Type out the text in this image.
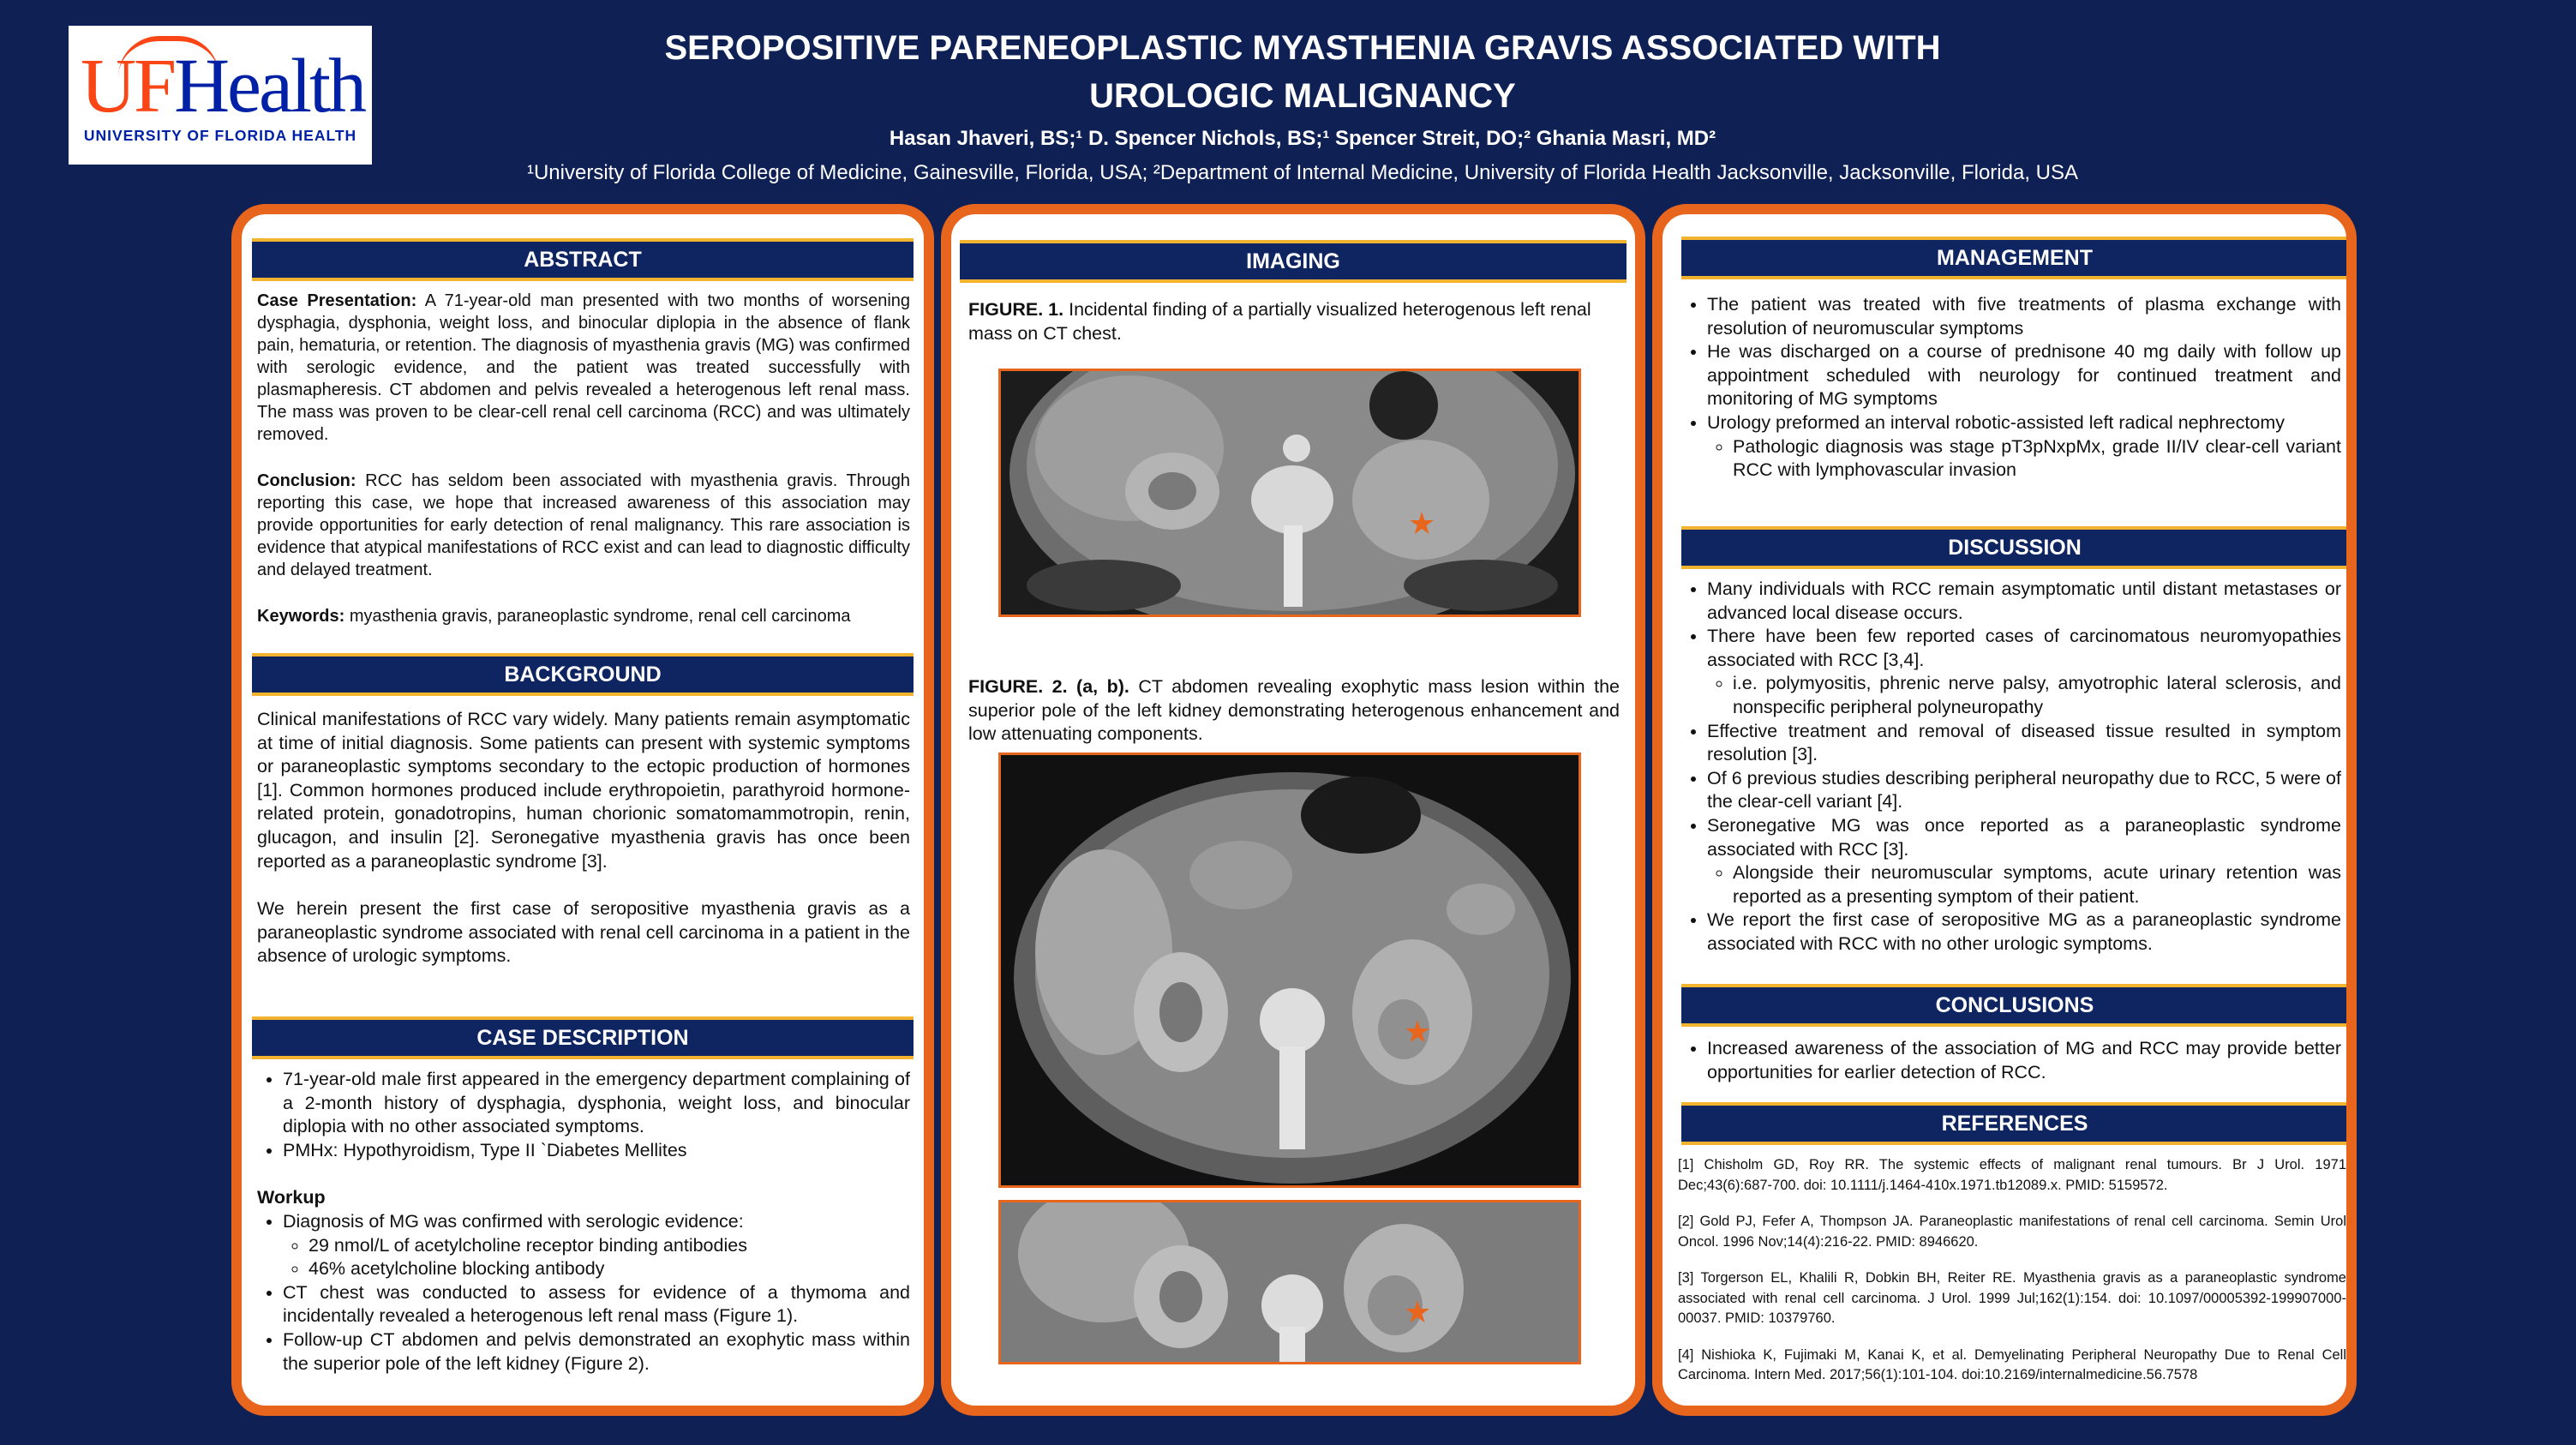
UFHealth
UNIVERSITY OF FLORIDA HEALTH
SEROPOSITIVE PARENEOPLASTIC MYASTHENIA GRAVIS ASSOCIATED WITH
UROLOGIC MALIGNANCY
Hasan Jhaveri, BS;¹ D. Spencer Nichols, BS;¹ Spencer Streit, DO;² Ghania Masri, MD²
¹University of Florida College of Medicine, Gainesville, Florida, USA; ²Department of Internal Medicine, University of Florida Health Jacksonville, Jacksonville, Florida, USA
ABSTRACT

Case Presentation: A 71-year-old man presented with two months of worsening dysphagia, dysphonia, weight loss, and binocular diplopia in the absence of flank pain, hematuria, or retention. The diagnosis of myasthenia gravis (MG) was confirmed with serologic evidence, and the patient was treated successfully with plasmapheresis. CT abdomen and pelvis revealed a heterogenous left renal mass. The mass was proven to be clear-cell renal cell carcinoma (RCC) and was ultimately removed.

Conclusion: RCC has seldom been associated with myasthenia gravis. Through reporting this case, we hope that increased awareness of this association may provide opportunities for early detection of renal malignancy. This rare association is evidence that atypical manifestations of RCC exist and can lead to diagnostic difficulty and delayed treatment.

Keywords: myasthenia gravis, paraneoplastic syndrome, renal cell carcinoma

BACKGROUND

Clinical manifestations of RCC vary widely. Many patients remain asymptomatic at time of initial diagnosis. Some patients can present with systemic symptoms or paraneoplastic symptoms secondary to the ectopic production of hormones [1]. Common hormones produced include erythropoietin, parathyroid hormone-related protein, gonadotropins, human chorionic somatomammotropin, renin, glucagon, and insulin [2]. Seronegative myasthenia gravis has once been reported as a paraneoplastic syndrome [3].

We herein present the first case of seropositive myasthenia gravis as a paraneoplastic syndrome associated with renal cell carcinoma in a patient in the absence of urologic symptoms.

CASE DESCRIPTION
• 71-year-old male first appeared in the emergency department complaining of a 2-month history of dysphagia, dysphonia, weight loss, and binocular diplopia with no other associated symptoms.
• PMHx: Hypothyroidism, Type II `Diabetes Mellites
Workup
• Diagnosis of MG was confirmed with serologic evidence:
◦ 29 nmol/L of acetylcholine receptor binding antibodies
◦ 46% acetylcholine blocking antibody
• CT chest was conducted to assess for evidence of a thymoma and incidentally revealed a heterogenous left renal mass (Figure 1).
• Follow-up CT abdomen and pelvis demonstrated an exophytic mass within the superior pole of the left kidney (Figure 2).
IMAGING
FIGURE. 1. Incidental finding of a partially visualized heterogenous left renal mass on CT chest.
★
FIGURE. 2. (a, b). CT abdomen revealing exophytic mass lesion within the superior pole of the left kidney demonstrating heterogenous enhancement and low attenuating components.
★
★
MANAGEMENT
• The patient was treated with five treatments of plasma exchange with resolution of neuromuscular symptoms
• He was discharged on a course of prednisone 40 mg daily with follow up appointment scheduled with neurology for continued treatment and monitoring of MG symptoms
• Urology preformed an interval robotic-assisted left radical nephrectomy
◦ Pathologic diagnosis was stage pT3pNxpMx, grade II/IV clear-cell variant RCC with lymphovascular invasion
DISCUSSION
• Many individuals with RCC remain asymptomatic until distant metastases or advanced local disease occurs.
• There have been few reported cases of carcinomatous neuromyopathies associated with RCC [3,4].
◦ i.e. polymyositis, phrenic nerve palsy, amyotrophic lateral sclerosis, and nonspecific peripheral polyneuropathy
• Effective treatment and removal of diseased tissue resulted in symptom resolution [3].
• Of 6 previous studies describing peripheral neuropathy due to RCC, 5 were of the clear-cell variant [4].
• Seronegative MG was once reported as a paraneoplastic syndrome associated with RCC [3].
◦ Alongside their neuromuscular symptoms, acute urinary retention was reported as a presenting symptom of their patient.
• We report the first case of seropositive MG as a paraneoplastic syndrome associated with RCC with no other urologic symptoms.
CONCLUSIONS
• Increased awareness of the association of MG and RCC may provide better opportunities for earlier detection of RCC.
REFERENCES

[1] Chisholm GD, Roy RR. The systemic effects of malignant renal tumours. Br J Urol. 1971 Dec;43(6):687-700. doi: 10.1111/j.1464-410x.1971.tb12089.x. PMID: 5159572.

[2] Gold PJ, Fefer A, Thompson JA. Paraneoplastic manifestations of renal cell carcinoma. Semin Urol Oncol. 1996 Nov;14(4):216-22. PMID: 8946620.

[3] Torgerson EL, Khalili R, Dobkin BH, Reiter RE. Myasthenia gravis as a paraneoplastic syndrome associated with renal cell carcinoma. J Urol. 1999 Jul;162(1):154. doi: 10.1097/00005392-199907000-00037. PMID: 10379760.

[4] Nishioka K, Fujimaki M, Kanai K, et al. Demyelinating Peripheral Neuropathy Due to Renal Cell Carcinoma. Intern Med. 2017;56(1):101-104. doi:10.2169/internalmedicine.56.7578
